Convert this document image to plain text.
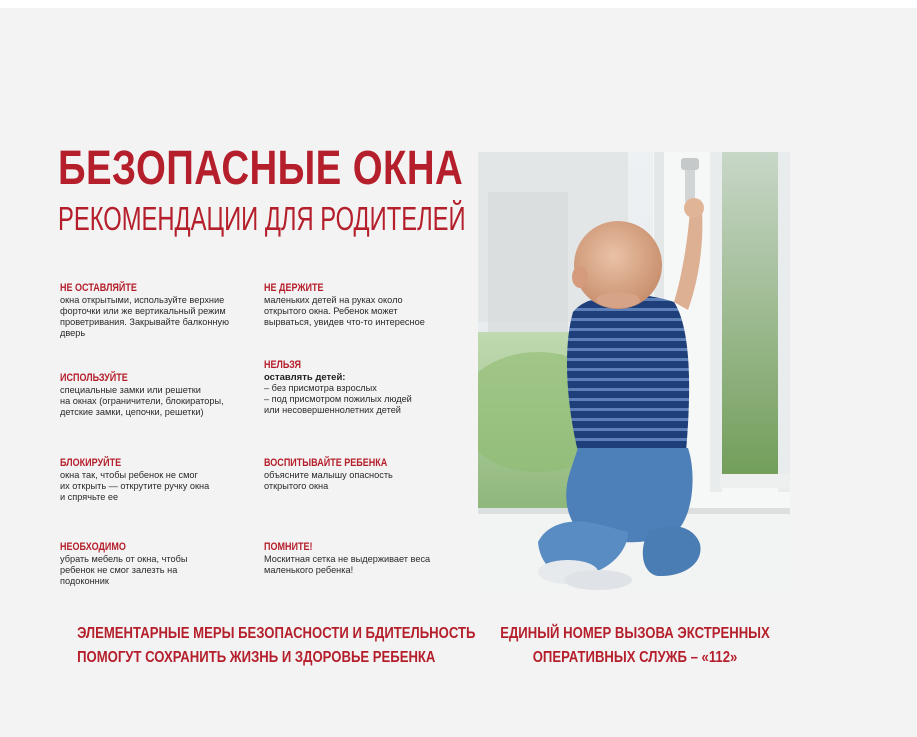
БЕЗОПАСНЫЕ ОКНА
РЕКОМЕНДАЦИИ ДЛЯ РОДИТЕЛЕЙ
НЕ ОСТАВЛЯЙТЕ
окна открытыми, используйте верхние
форточки или же вертикальный режим
проветривания. Закрывайте балконную
дверь
ИСПОЛЬЗУЙТЕ
специальные замки или решетки
на окнах (ограничители, блокираторы,
детские замки, цепочки, решетки)
БЛОКИРУЙТЕ
окна так, чтобы ребенок не смог
их открыть — открутите ручку окна
и спрячьте ее
НЕОБХОДИМО
убрать мебель от окна, чтобы
ребенок не смог залезть на
подоконник
НЕ ДЕРЖИТЕ
маленьких детей на руках около
открытого окна. Ребенок может
вырваться, увидев что-то интересное
НЕЛЬЗЯ
оставлять детей:
– без присмотра взрослых
– под присмотром пожилых людей
или несовершеннолетних детей
ВОСПИТЫВАЙТЕ РЕБЕНКА
объясните малышу опасность
открытого окна
ПОМНИТЕ!
Москитная сетка не выдерживает веса
маленького ребенка!
ЭЛЕМЕНТАРНЫЕ МЕРЫ БЕЗОПАСНОСТИ И БДИТЕЛЬНОСТЬ
ПОМОГУТ СОХРАНИТЬ ЖИЗНЬ И ЗДОРОВЬЕ РЕБЕНКА
ЕДИНЫЙ НОМЕР ВЫЗОВА ЭКСТРЕННЫХ
ОПЕРАТИВНЫХ СЛУЖБ – «112»
